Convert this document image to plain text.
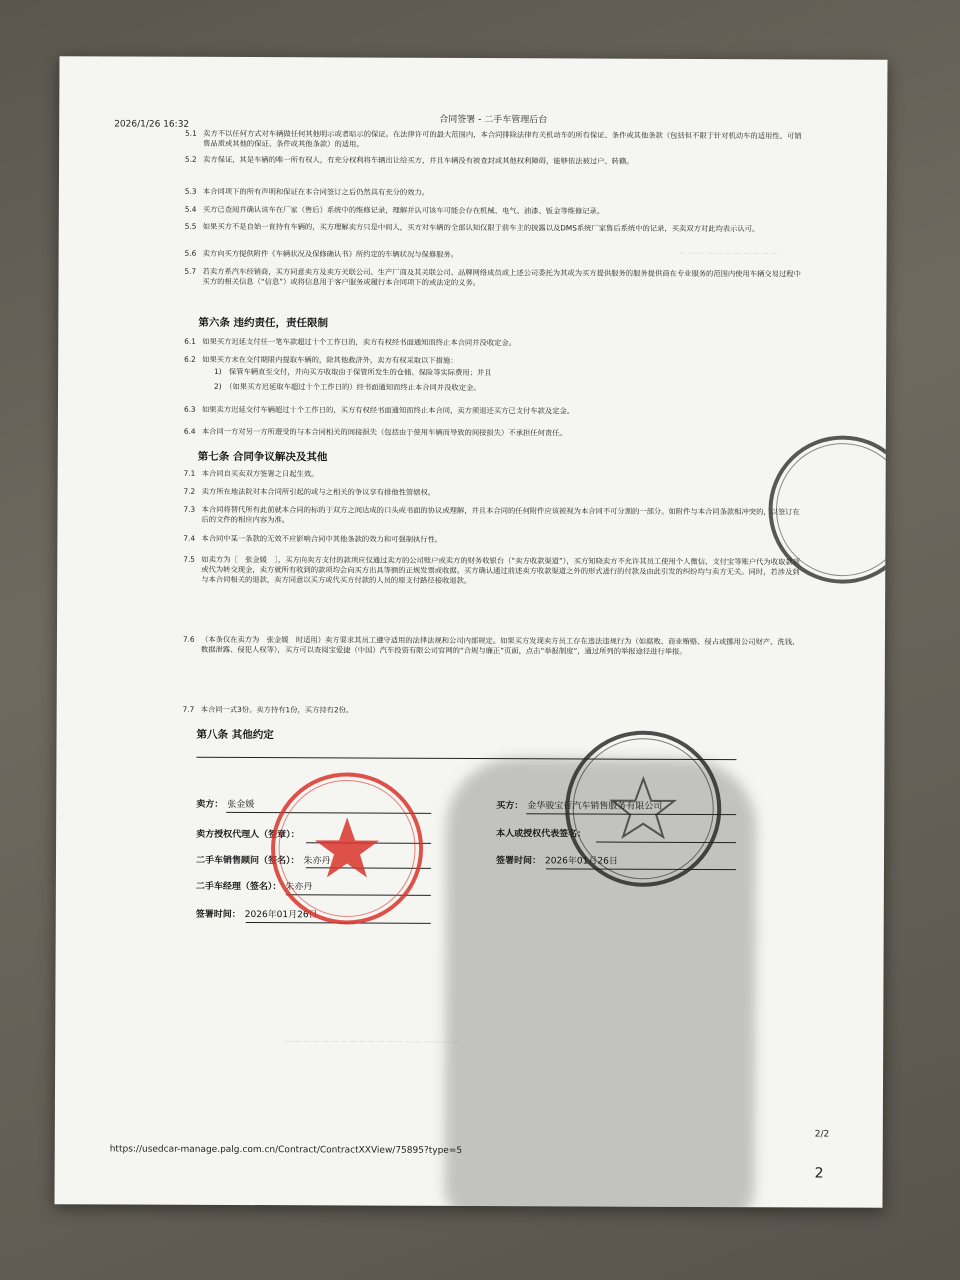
— — — — — — — — — — —
— — — — — — — — — — — — — — — — — — —
2026/1/26 16:32	合同签署 - 二手车管理后台
5.1 卖方不以任何方式对车辆做任何其他明示或者暗示的保证。在法律许可的最大范围内，本合同排除法律有关机动车的所有保证、条件或其他条款（包括但不限于针对机动车的适用性、可销售品质或其他的保证、条件或其他条款）的适用。
5.2 卖方保证，其是车辆的唯一所有权人，有充分权利将车辆出让给买方，并且车辆没有被查封或其他权利障碍，能够依法被过户、转籍。
5.3 本合同项下的所有声明和保证在本合同签订之后仍然具有充分的效力。
5.4 买方已查阅并确认该车在厂家（售后）系统中的维修记录，理解并认可该车可能会存在机械、电气、油漆、钣金等维修记录。
5.5 如果买方不是自始一直持有车辆的，买方理解卖方只是中间人，买方对车辆的全部认知仅限于前车主的披露以及DMS系统厂家售后系统中的记录，买卖双方对此均表示认可。
5.6 卖方向买方提供附件《车辆状况及保修确认书》所约定的车辆状况与保修服务。
5.7 若卖方系汽车经销商，买方同意卖方及卖方关联公司、生产厂商及其关联公司、品牌网络成员或上述公司委托为其或为买方提供服务的服务提供商在专业服务的范围内使用车辆交易过程中买方的相关信息（“信息”）或将信息用于客户服务或履行本合同项下的或法定的义务。
第六条 违约责任，责任限制
6.1 如果买方迟延支付任一笔车款超过十个工作日的，卖方有权经书面通知而终止本合同并没收定金。
6.2 如果买方未在交付期限内提取车辆的，除其他救济外，卖方有权采取以下措施：
1)　保管车辆直至交付，并向买方收取由于保管所发生的仓储、保险等实际费用；并且
2)　（如果买方迟延取车超过十个工作日的）经书面通知而终止本合同并没收定金。
6.3 如果卖方迟延交付车辆超过十个工作日的，买方有权经书面通知而终止本合同，卖方须退还买方已支付车款及定金。
6.4 本合同一方对另一方所遭受的与本合同相关的间接损失（包括由于使用车辆而导致的间接损失）不承担任何责任。
第七条 合同争议解决及其他
7.1 本合同自买卖双方签署之日起生效。
7.2 卖方所在地法院对本合同所引起的或与之相关的争议享有排他性管辖权。
7.3 本合同将替代所有此前就本合同的标的于双方之间达成的口头或书面的协议或理解，并且本合同的任何附件应该被视为本合同不可分割的一部分。如附件与本合同条款相冲突的，以签订在后的文件的相应内容为准。
7.4 本合同中某一条款的无效不应影响合同中其他条款的效力和可强制执行性。
7.5 如卖方为［　张金媛　］，买方向卖方支付的款项应仅通过卖方的公司账户或卖方的财务收银台（“卖方收款渠道”），买方知晓卖方不允许其员工使用个人微信、支付宝等账户代为收取款项或代为转交现金，卖方就所有收到的款项均会向买方出具等额的正规发票或收据。买方确认通过前述卖方收款渠道之外的形式进行的付款及由此引发的纠纷均与卖方无关。同时，若涉及到与本合同相关的退款，卖方同意以买方或代买方付款的人员的原支付路径接收退款。
7.6 （本条仅在卖方为　张金媛　时适用）卖方要求其员工遵守适用的法律法规和公司内部规定。如果买方发现卖方员工存在违法违规行为（如腐败、商业贿赂、侵占或挪用公司财产、洗钱、数据泄露、侵犯人权等），买方可以查阅宝爱捷（中国）汽车投资有限公司官网的“合规与廉正”页面，点击“举报制度”，通过所列的举报途径进行举报。
7.7 本合同一式3份。卖方持有1份，买方持有2份。
第八条 其他约定
卖方： 张金媛
卖方授权代理人（签章）：
二手车销售顾问（签名）： 朱亦丹
二手车经理（签名）： 朱亦丹
签署时间： 2026年01月26日
买方： 金华骏宝行汽车销售服务有限公司
本人或授权代表签名：
签署时间： 2026年01月26日
2/2
https://usedcar-manage.palg.com.cn/Contract/ContractXXView/75895?type=5
2
